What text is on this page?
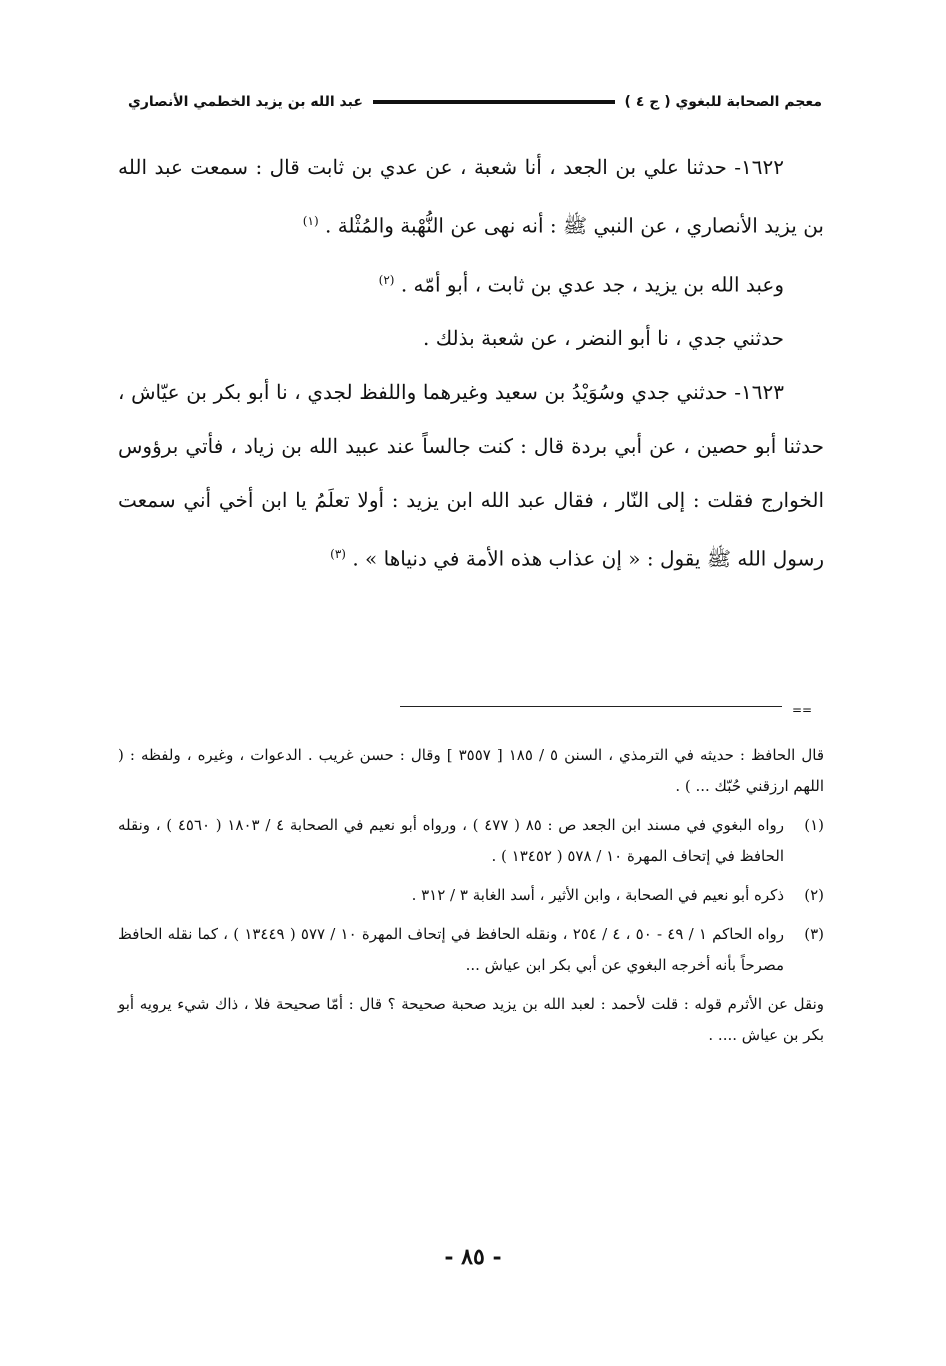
معجم الصحابة للبغوي ( ج ٤ )
عبد الله بن يزيد الخطمي الأنصاري

١٦٢٢- حدثنا علي بن الجعد ، أنا شعبة ، عن عدي بن ثابت قال : سمعت عبد الله بن يزيد الأنصاري ، عن النبي ﷺ : أنه نهى عن النُّهْبة والمُثْلة . $^{(١)}$

وعبد الله بن يزيد ، جد عدي بن ثابت ، أبو أمّه . $^{(٢)}$

حدثني جدي ، نا أبو النضر ، عن شعبة بذلك .

١٦٢٣- حدثني جدي وسُوَيْدُ بن سعيد وغيرهما واللفظ لجدي ، نا أبو بكر بن عيّاش ، حدثنا أبو حصين ، عن أبي بردة قال : كنت جالساً عند عبيد الله بن زياد ، فأتي برؤوس الخوارج فقلت : إلى النّار ، فقال عبد الله ابن يزيد : أولا تعلَمُ يا ابن أخي أني سمعت رسول الله ﷺ يقول : « إن عذاب هذه الأمة في دنياها » . $^{(٣)}$

==

قال الحافظ : حديثه في الترمذي ، السنن ٥ / ١٨٥ [ ٣٥٥٧ ] وقال : حسن غريب . الدعوات ، وغيره ، ولفظه : ( اللهم ارزقني حُبّك ... ) .

(١)
رواه البغوي في مسند ابن الجعد ص : ٨٥ ( ٤٧٧ ) ، ورواه أبو نعيم في الصحابة ٤ / ١٨٠٣ ( ٤٥٦٠ ) ، ونقله الحافظ في إتحاف المهرة ١٠ / ٥٧٨ ( ١٣٤٥٢ ) .
(٢)
ذكره أبو نعيم في الصحابة ، وابن الأثير ، أسد الغابة ٣ / ٣١٢ .
(٣)
رواه الحاكم ١ / ٤٩ - ٥٠ ، ٤ / ٢٥٤ ، ونقله الحافظ في إتحاف المهرة ١٠ / ٥٧٧ ( ١٣٤٤٩ ) ، كما نقله الحافظ مصرحاً بأنه أخرجه البغوي عن أبي بكر ابن عياش ...

ونقل عن الأثرم قوله : قلت لأحمد : لعبد الله بن يزيد صحبة صحيحة ؟ قال : أمّا صحيحة فلا ، ذاك شيء يرويه أبو بكر بن عياش .... .

- ٨٥ -
